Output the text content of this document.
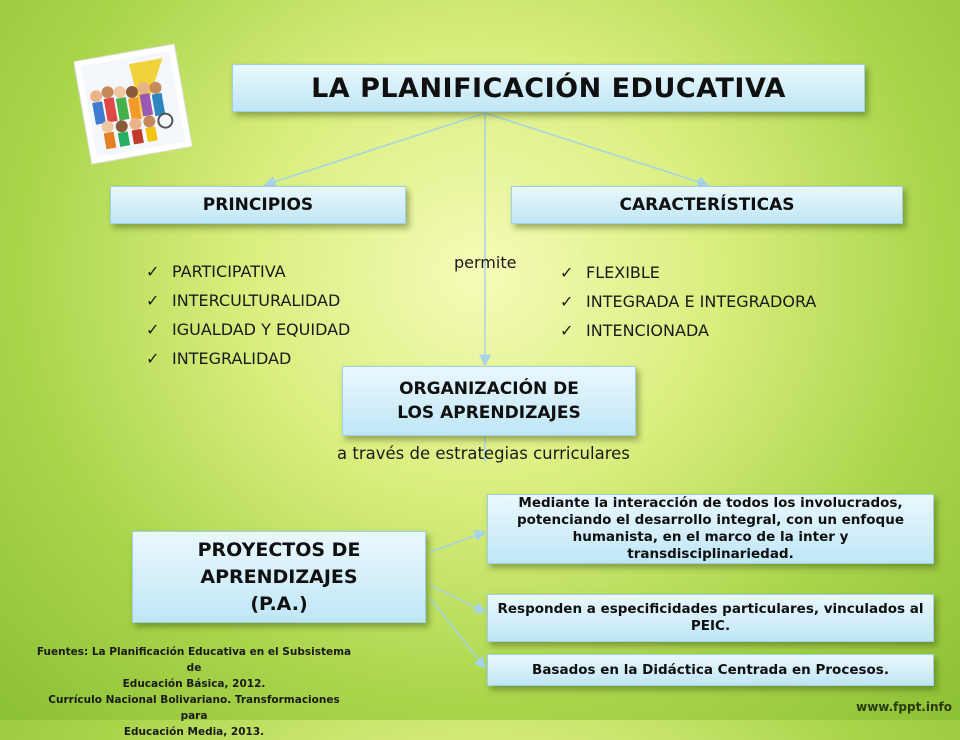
LA PLANIFICACIÓN EDUCATIVA
PRINCIPIOS	CARACTERÍSTICAS
✓ PARTICIPATIVA
✓ INTERCULTURALIDAD
✓ IGUALDAD Y EQUIDAD
✓ INTEGRALIDAD
✓ FLEXIBLE
✓ INTEGRADA E INTEGRADORA
✓ INTENCIONADA
permite
ORGANIZACIÓN DE
LOS APRENDIZAJES
a través de estrategias curriculares
PROYECTOS DE
APRENDIZAJES
(P.A.)
Mediante la interacción de todos los involucrados, potenciando el desarrollo integral, con un enfoque humanista, en el marco de la inter y transdisciplinariedad.
Responden a especificidades particulares, vinculados al PEIC.
Basados en la Didáctica Centrada en Procesos.
Fuentes: La Planificación Educativa en el Subsistema de
Educación Básica, 2012.
Currículo Nacional Bolivariano. Transformaciones para
Educación Media, 2013.
www.fppt.info
